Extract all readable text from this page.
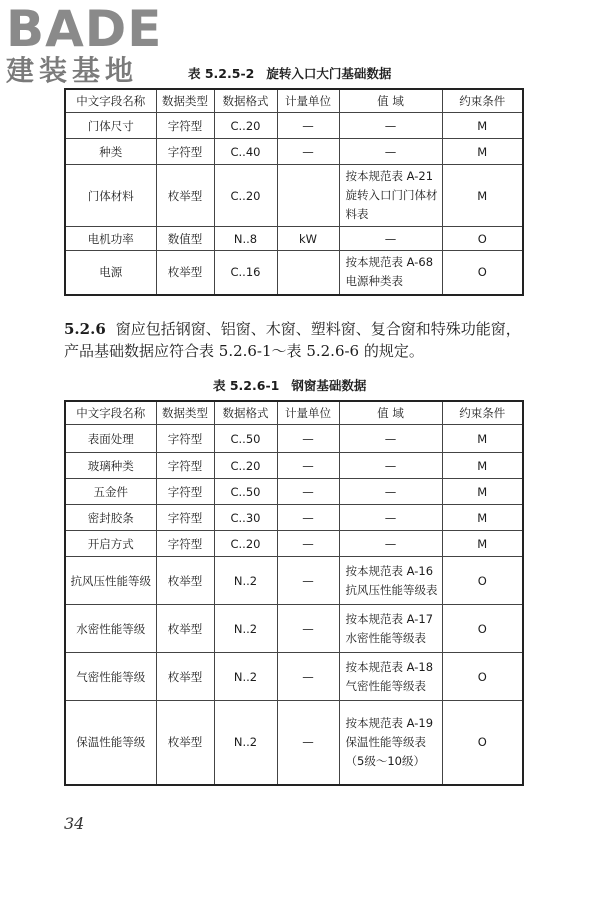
BADE
建装基地	表 5.2.5-2 旋转入口大门基础数据
中文字段名称	数据类型	数据格式	计量单位	值 域	约束条件
门体尺寸	字符型	C..20	—	—	M
种类	字符型	C..40	—	—	M
门体材料	枚举型	C..20		按本规范表 A-21 旋转入口门门体材料表	M
电机功率	数值型	N..8	kW	—	O
电源	枚举型	C..16		按本规范表 A-68 电源种类表	O
5.2.6 窗应包括钢窗、铝窗、木窗、塑料窗、复合窗和特殊功能窗，产品基础数据应符合表 5.2.6-1～表 5.2.6-6 的规定。
表 5.2.6-1 钢窗基础数据
中文字段名称	数据类型	数据格式	计量单位	值 域	约束条件
表面处理	字符型	C..50	—	—	M
玻璃种类	字符型	C..20	—	—	M
五金件	字符型	C..50	—	—	M
密封胶条	字符型	C..30	—	—	M
开启方式	字符型	C..20	—	—	M
抗风压性能等级	枚举型	N..2	—	按本规范表 A-16 抗风压性能等级表	O
水密性能等级	枚举型	N..2	—	按本规范表 A-17 水密性能等级表	O
气密性能等级	枚举型	N..2	—	按本规范表 A-18 气密性能等级表	O
保温性能等级	枚举型	N..2	—	按本规范表 A-19 保温性能等级表（5级～10级）	O
34
